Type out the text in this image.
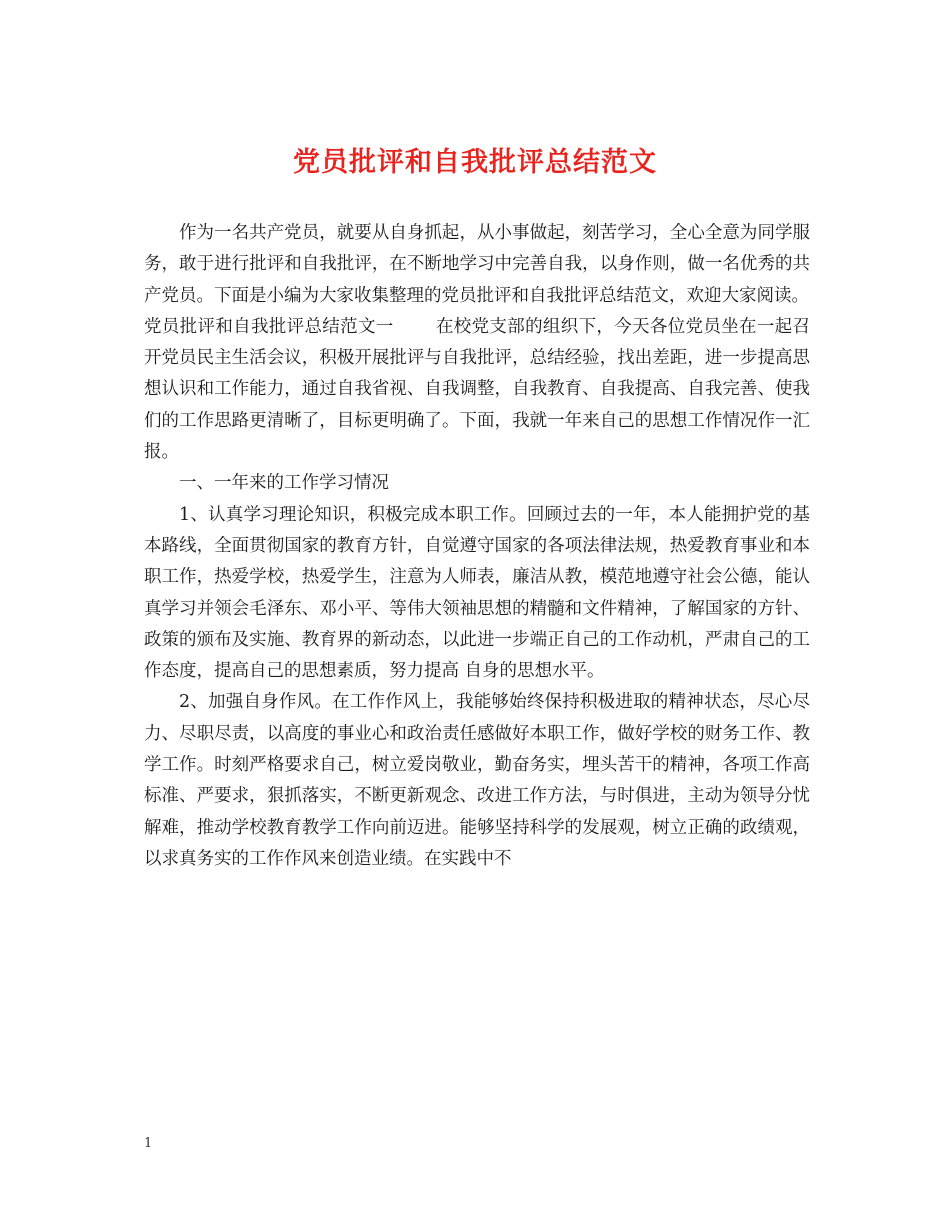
党员批评和自我批评总结范文

作为一名共产党员，就要从自身抓起，从小事做起，刻苦学习，全心全意为同学服务，敢于进行批评和自我批评，在不断地学习中完善自我，以身作则，做一名优秀的共产党员。下面是小编为大家收集整理的党员批评和自我批评总结范文，欢迎大家阅读。

党员批评和自我批评总结范文一 在校党支部的组织下，今天各位党员坐在一起召开党员民主生活会议，积极开展批评与自我批评，总结经验，找出差距，进一步提高思想认识和工作能力，通过自我省视、自我调整，自我教育、自我提高、自我完善、使我们的工作思路更清晰了，目标更明确了。下面，我就一年来自己的思想工作情况作一汇报。

一、一年来的工作学习情况

1、认真学习理论知识，积极完成本职工作。回顾过去的一年，本人能拥护党的基本路线，全面贯彻国家的教育方针，自觉遵守国家的各项法律法规，热爱教育事业和本职工作，热爱学校，热爱学生，注意为人师表，廉洁从教，模范地遵守社会公德，能认真学习并领会毛泽东、邓小平、等伟大领袖思想的精髓和文件精神，了解国家的方针、政策的颁布及实施、教育界的新动态，以此进一步端正自己的工作动机，严肃自己的工作态度，提高自己的思想素质，努力提高 自身的思想水平。

2、加强自身作风。在工作作风上，我能够始终保持积极进取的精神状态，尽心尽力、尽职尽责，以高度的事业心和政治责任感做好本职工作，做好学校的财务工作、教学工作。时刻严格要求自己，树立爱岗敬业，勤奋务实，埋头苦干的精神，各项工作高标准、严要求，狠抓落实，不断更新观念、改进工作方法，与时俱进，主动为领导分忧解难，推动学校教育教学工作向前迈进。能够坚持科学的发展观，树立正确的政绩观，以求真务实的工作作风来创造业绩。在实践中不

1
